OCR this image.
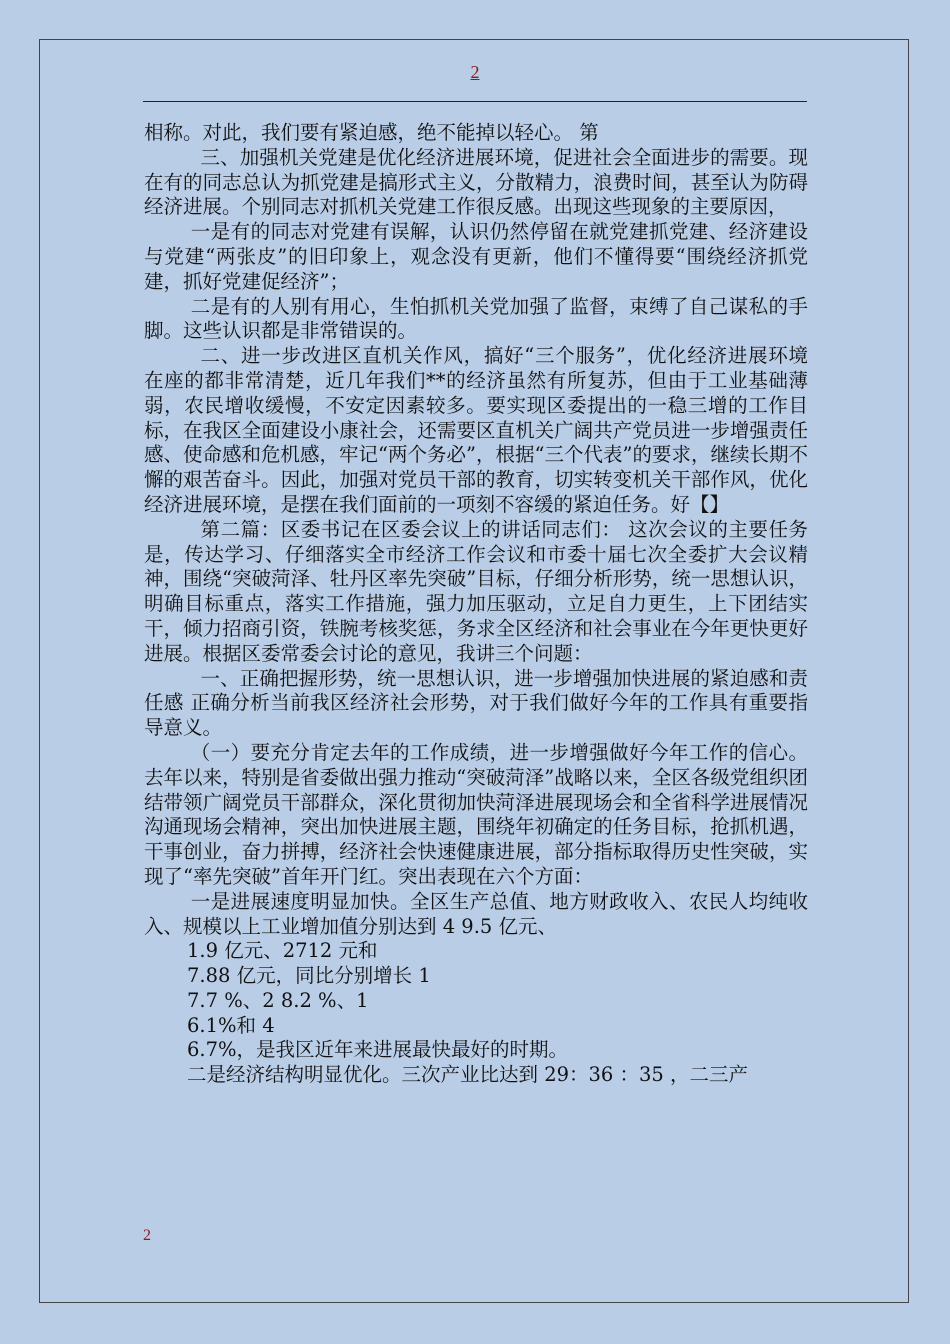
2

相称。对此，我们要有紧迫感，绝不能掉以轻心。 第

三、加强机关党建是优化经济进展环境，促进社会全面进步的需要。现在有的同志总认为抓党建是搞形式主义，分散精力，浪费时间，甚至认为防碍经济进展。个别同志对抓机关党建工作很反感。出现这些现象的主要原因，

一是有的同志对党建有误解，认识仍然停留在就党建抓党建、经济建设与党建“两张皮”的旧印象上，观念没有更新，他们不懂得要“围绕经济抓党建，抓好党建促经济”；

二是有的人别有用心，生怕抓机关党加强了监督，束缚了自己谋私的手脚。这些认识都是非常错误的。

二、进一步改进区直机关作风，搞好“三个服务”，优化经济进展环境 在座的都非常清楚，近几年我们**的经济虽然有所复苏，但由于工业基础薄弱，农民增收缓慢，不安定因素较多。要实现区委提出的一稳三增的工作目标，在我区全面建设小康社会，还需要区直机关广阔共产党员进一步增强责任感、使命感和危机感，牢记“两个务必”，根据“三个代表”的要求，继续长期不懈的艰苦奋斗。因此，加强对党员干部的教育，切实转变机关干部作风，优化经济进展环境，是摆在我们面前的一项刻不容缓的紧迫任务。好【】

第二篇：区委书记在区委会议上的讲话同志们： 这次会议的主要任务是，传达学习、仔细落实全市经济工作会议和市委十届七次全委扩大会议精神，围绕“突破菏泽、牡丹区率先突破”目标，仔细分析形势，统一思想认识，明确目标重点，落实工作措施，强力加压驱动，立足自力更生，上下团结实干，倾力招商引资，铁腕考核奖惩，务求全区经济和社会事业在今年更快更好进展。根据区委常委会讨论的意见，我讲三个问题：

一、正确把握形势，统一思想认识，进一步增强加快进展的紧迫感和责任感 正确分析当前我区经济社会形势，对于我们做好今年的工作具有重要指导意义。

（一）要充分肯定去年的工作成绩，进一步增强做好今年工作的信心。去年以来，特别是省委做出强力推动“突破菏泽”战略以来，全区各级党组织团结带领广阔党员干部群众，深化贯彻加快菏泽进展现场会和全省科学进展情况沟通现场会精神，突出加快进展主题，围绕年初确定的任务目标，抢抓机遇，干事创业，奋力拼搏，经济社会快速健康进展，部分指标取得历史性突破，实现了“率先突破”首年开门红。突出表现在六个方面：

一是进展速度明显加快。全区生产总值、地方财政收入、农民人均纯收入、规模以上工业增加值分别达到 4 9.5 亿元、

1.9 亿元、2712 元和

7.88 亿元，同比分别增长 1

7.7 %、2 8.2 %、1

6.1%和 4

6.7%，是我区近年来进展最快最好的时期。

二是经济结构明显优化。三次产业比达到 29：36 ：35 ，二三产

2
